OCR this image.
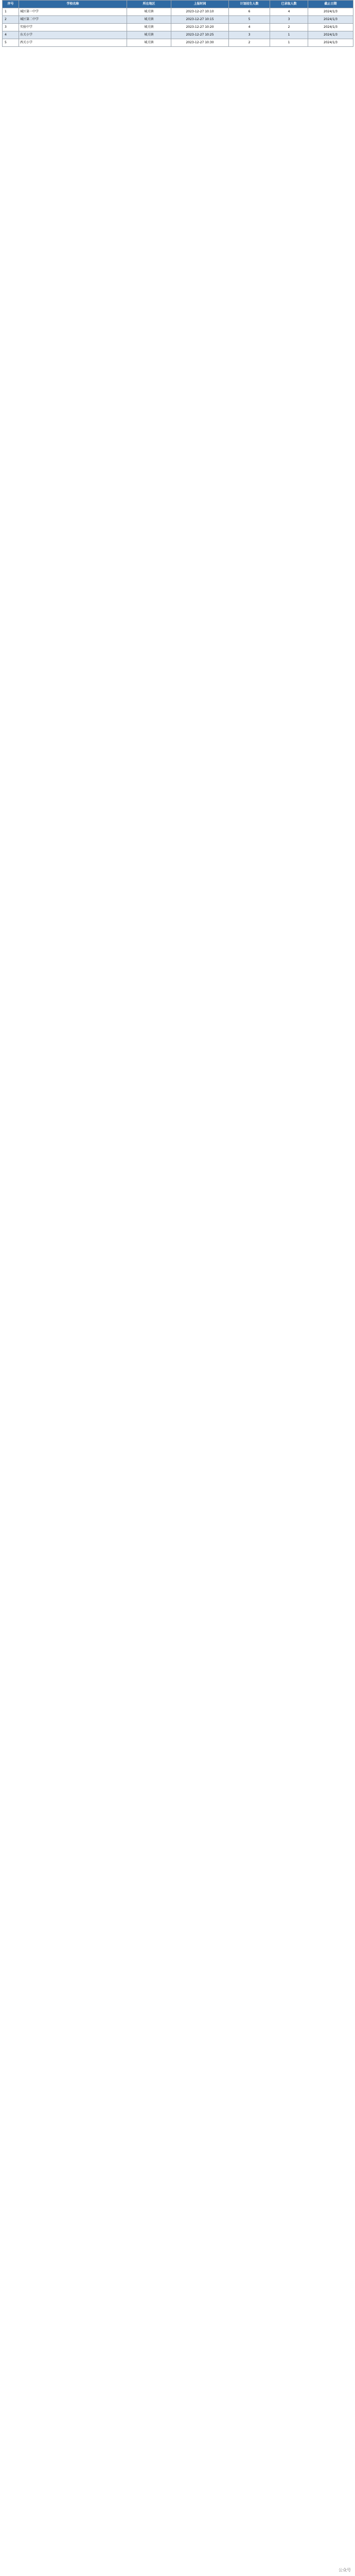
序号	学校名称	所在地区	上报时间	计划招生人数	已录取人数	截止日期
1	城区第一中学	城关镇	2023-12-27 10:10	6	4	2024/1/3
2	城区第二中学	城关镇	2023-12-27 10:15	5	3	2024/1/3
3	实验中学	城关镇	2023-12-27 10:20	4	2	2024/1/3
4	东关小学	城关镇	2023-12-27 10:25	3	1	2024/1/3
5	西关小学	城关镇	2023-12-27 10:30	2	1	2024/1/3
公众号
